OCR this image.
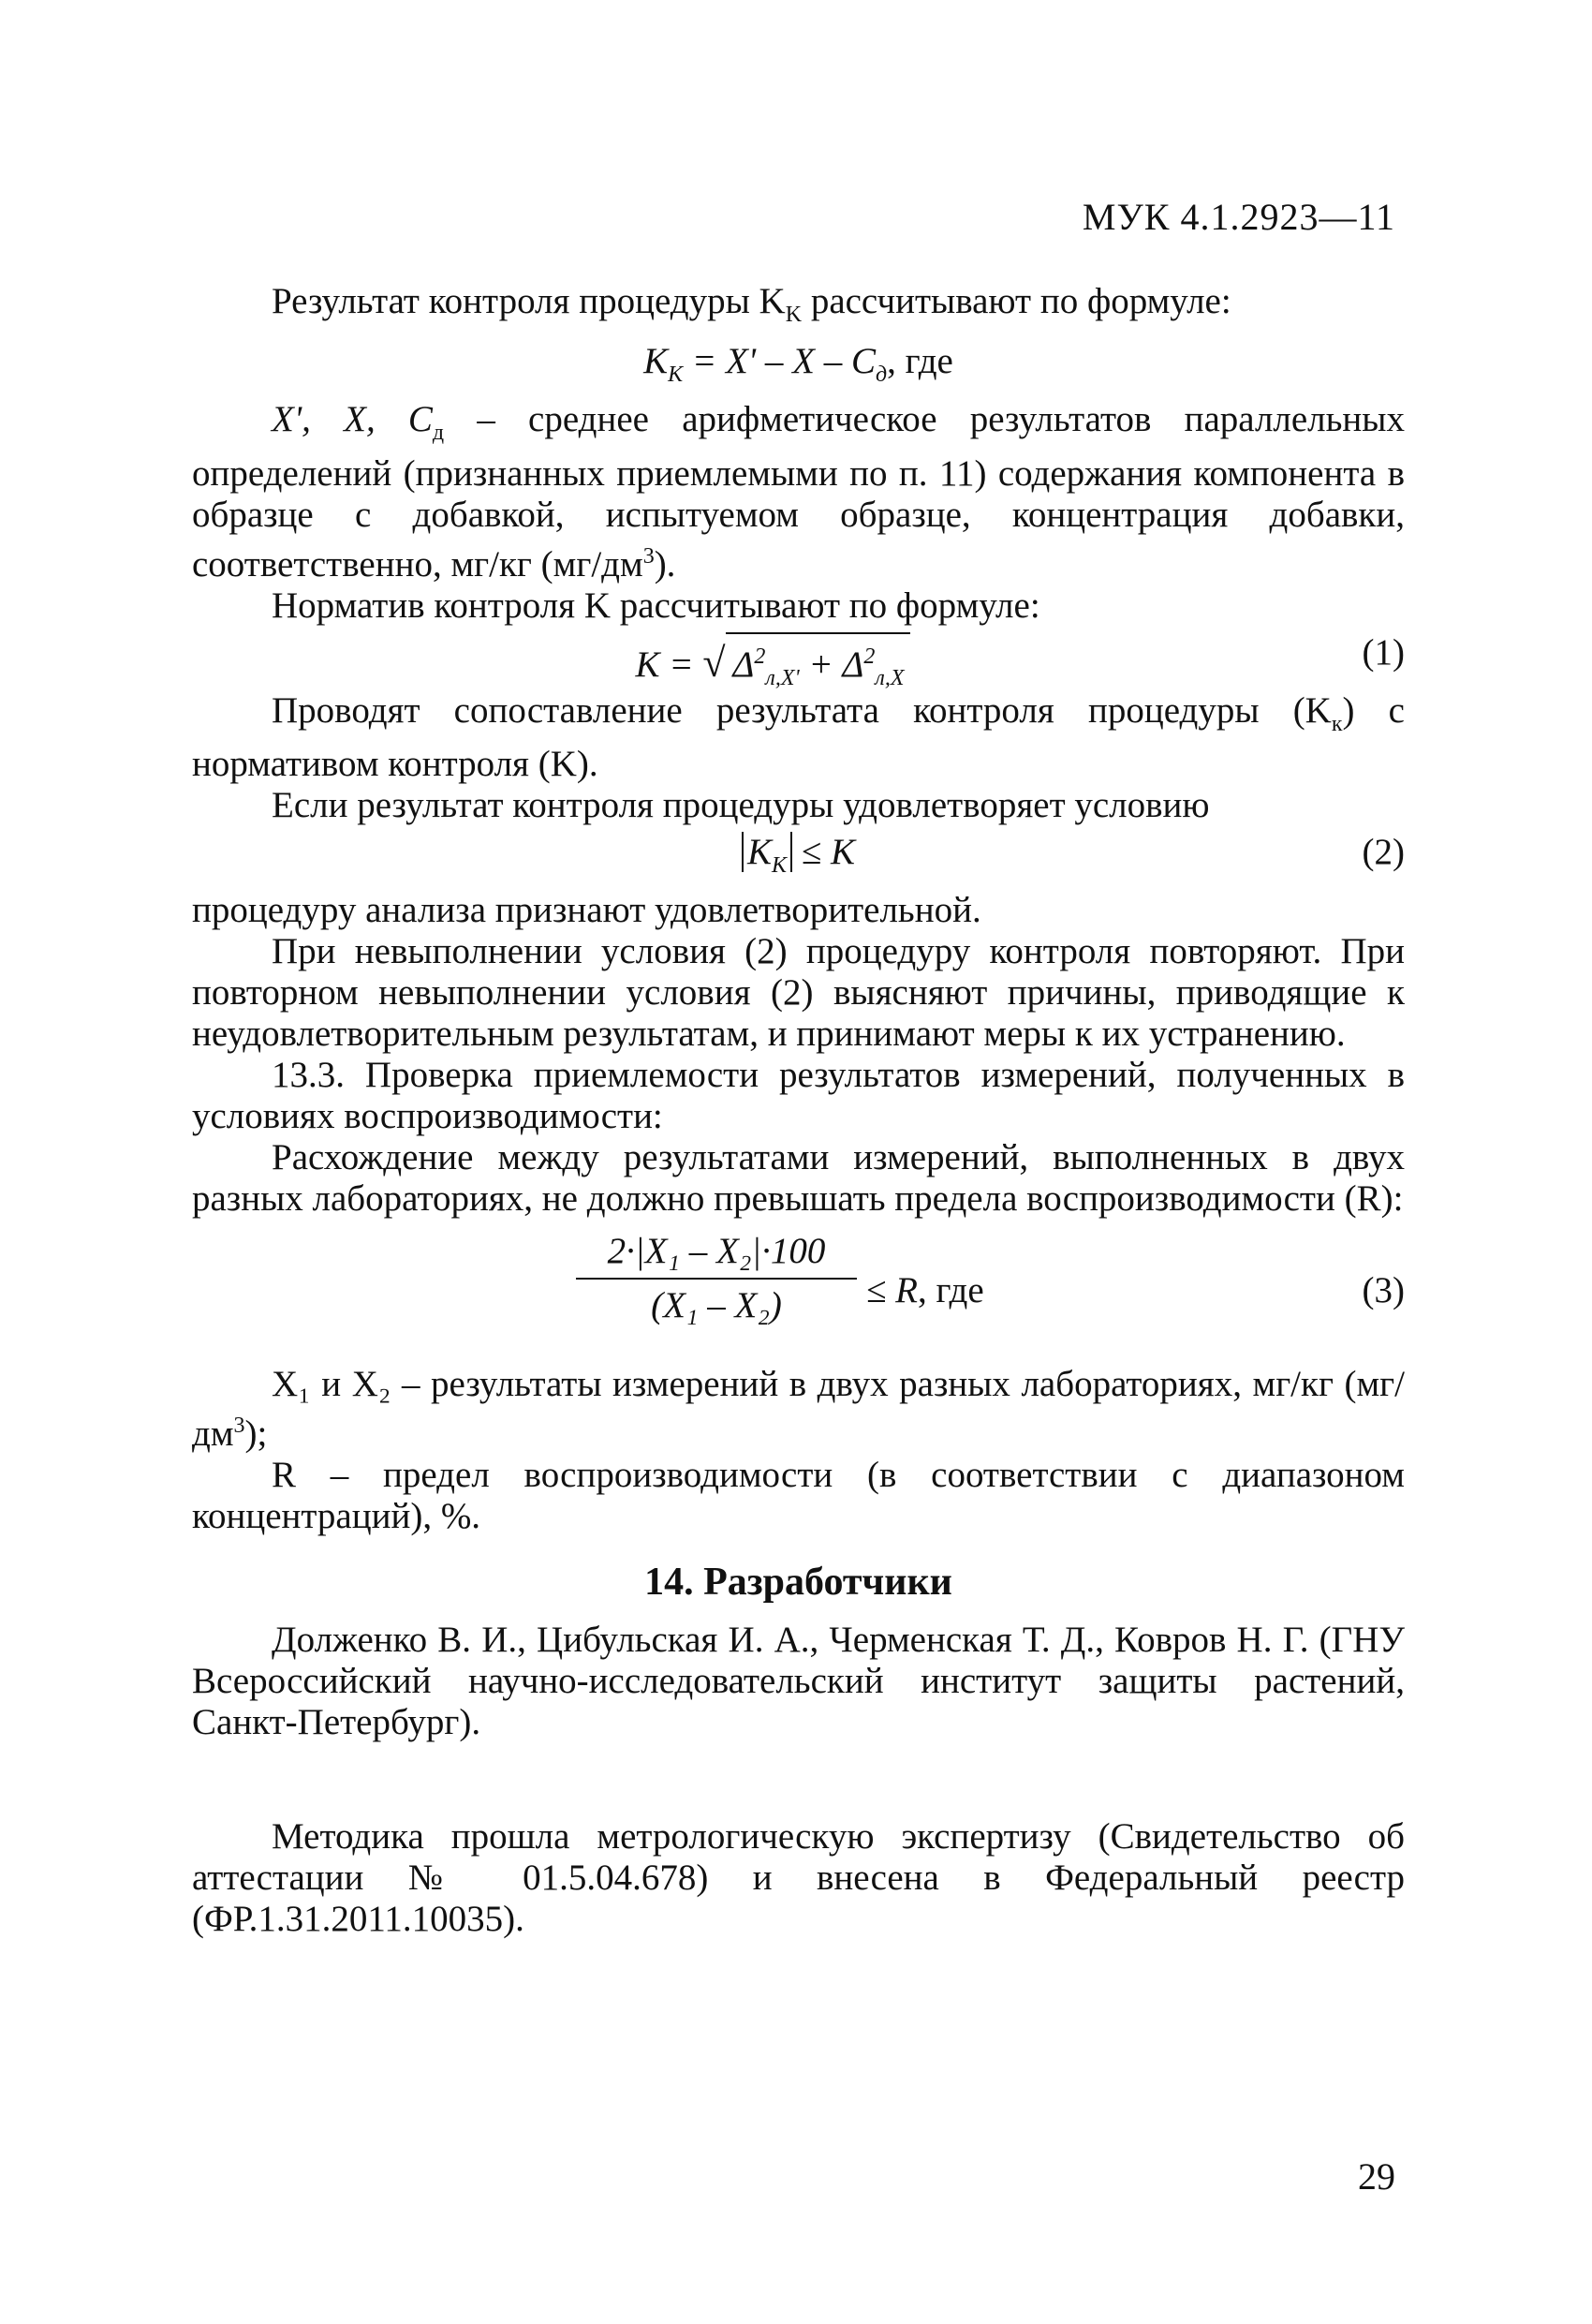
МУК 4.1.2923—11

Результат контроля процедуры $K_K$ рассчитывают по формуле:

$K_K = X' - X - C_д$, где

X', X, $C_д$ – среднее арифметическое результатов параллельных определений (признанных приемлемыми по п. 11) содержания компонента в образце с добавкой, испытуемом образце, концентрация добавки, соответственно, мг/кг $(мг/дм^3)$.

Норматив контроля K рассчитывают по формуле:

K = √ $\Delta^2_{л,X'} + \Delta^2_{л,X}$
(1)

Проводят сопоставление результата контроля процедуры $(K_к)$ с нормативом контроля (K).

Если результат контроля процедуры удовлетворяет условию

$K_K \le K$	(2)

процедуру анализа признают удовлетворительной.

При невыполнении условия (2) процедуру контроля повторяют. При повторном невыполнении условия (2) выясняют причины, приводящие к неудовлетворительным результатам, и принимают меры к их устранению.

13.3. Проверка приемлемости результатов измерений, полученных в условиях воспроизводимости:

Расхождение между результатами измерений, выполненных в двух разных лабораториях, не должно превышать предела воспроизводимости (R):

$\frac{\text{2·|X₁ – X₂|·100}}{\text{(X₁ – X₂)}} \le R$, где	(3)

X₁ и X₂ – результаты измерений в двух разных лабораториях, мг/кг $(мг/дм^3)$;

R – предел воспроизводимости (в соответствии с диапазоном концентраций), %.

14. Разработчики

Долженко В. И., Цибульская И. А., Черменская Т. Д., Ковров Н. Г. (ГНУ Всероссийский научно-исследовательский институт защиты растений, Санкт-Петербург).

Методика прошла метрологическую экспертизу (Свидетельство об аттестации № 01.5.04.678) и внесена в Федеральный реестр (ФР.1.31.2011.10035).

29
